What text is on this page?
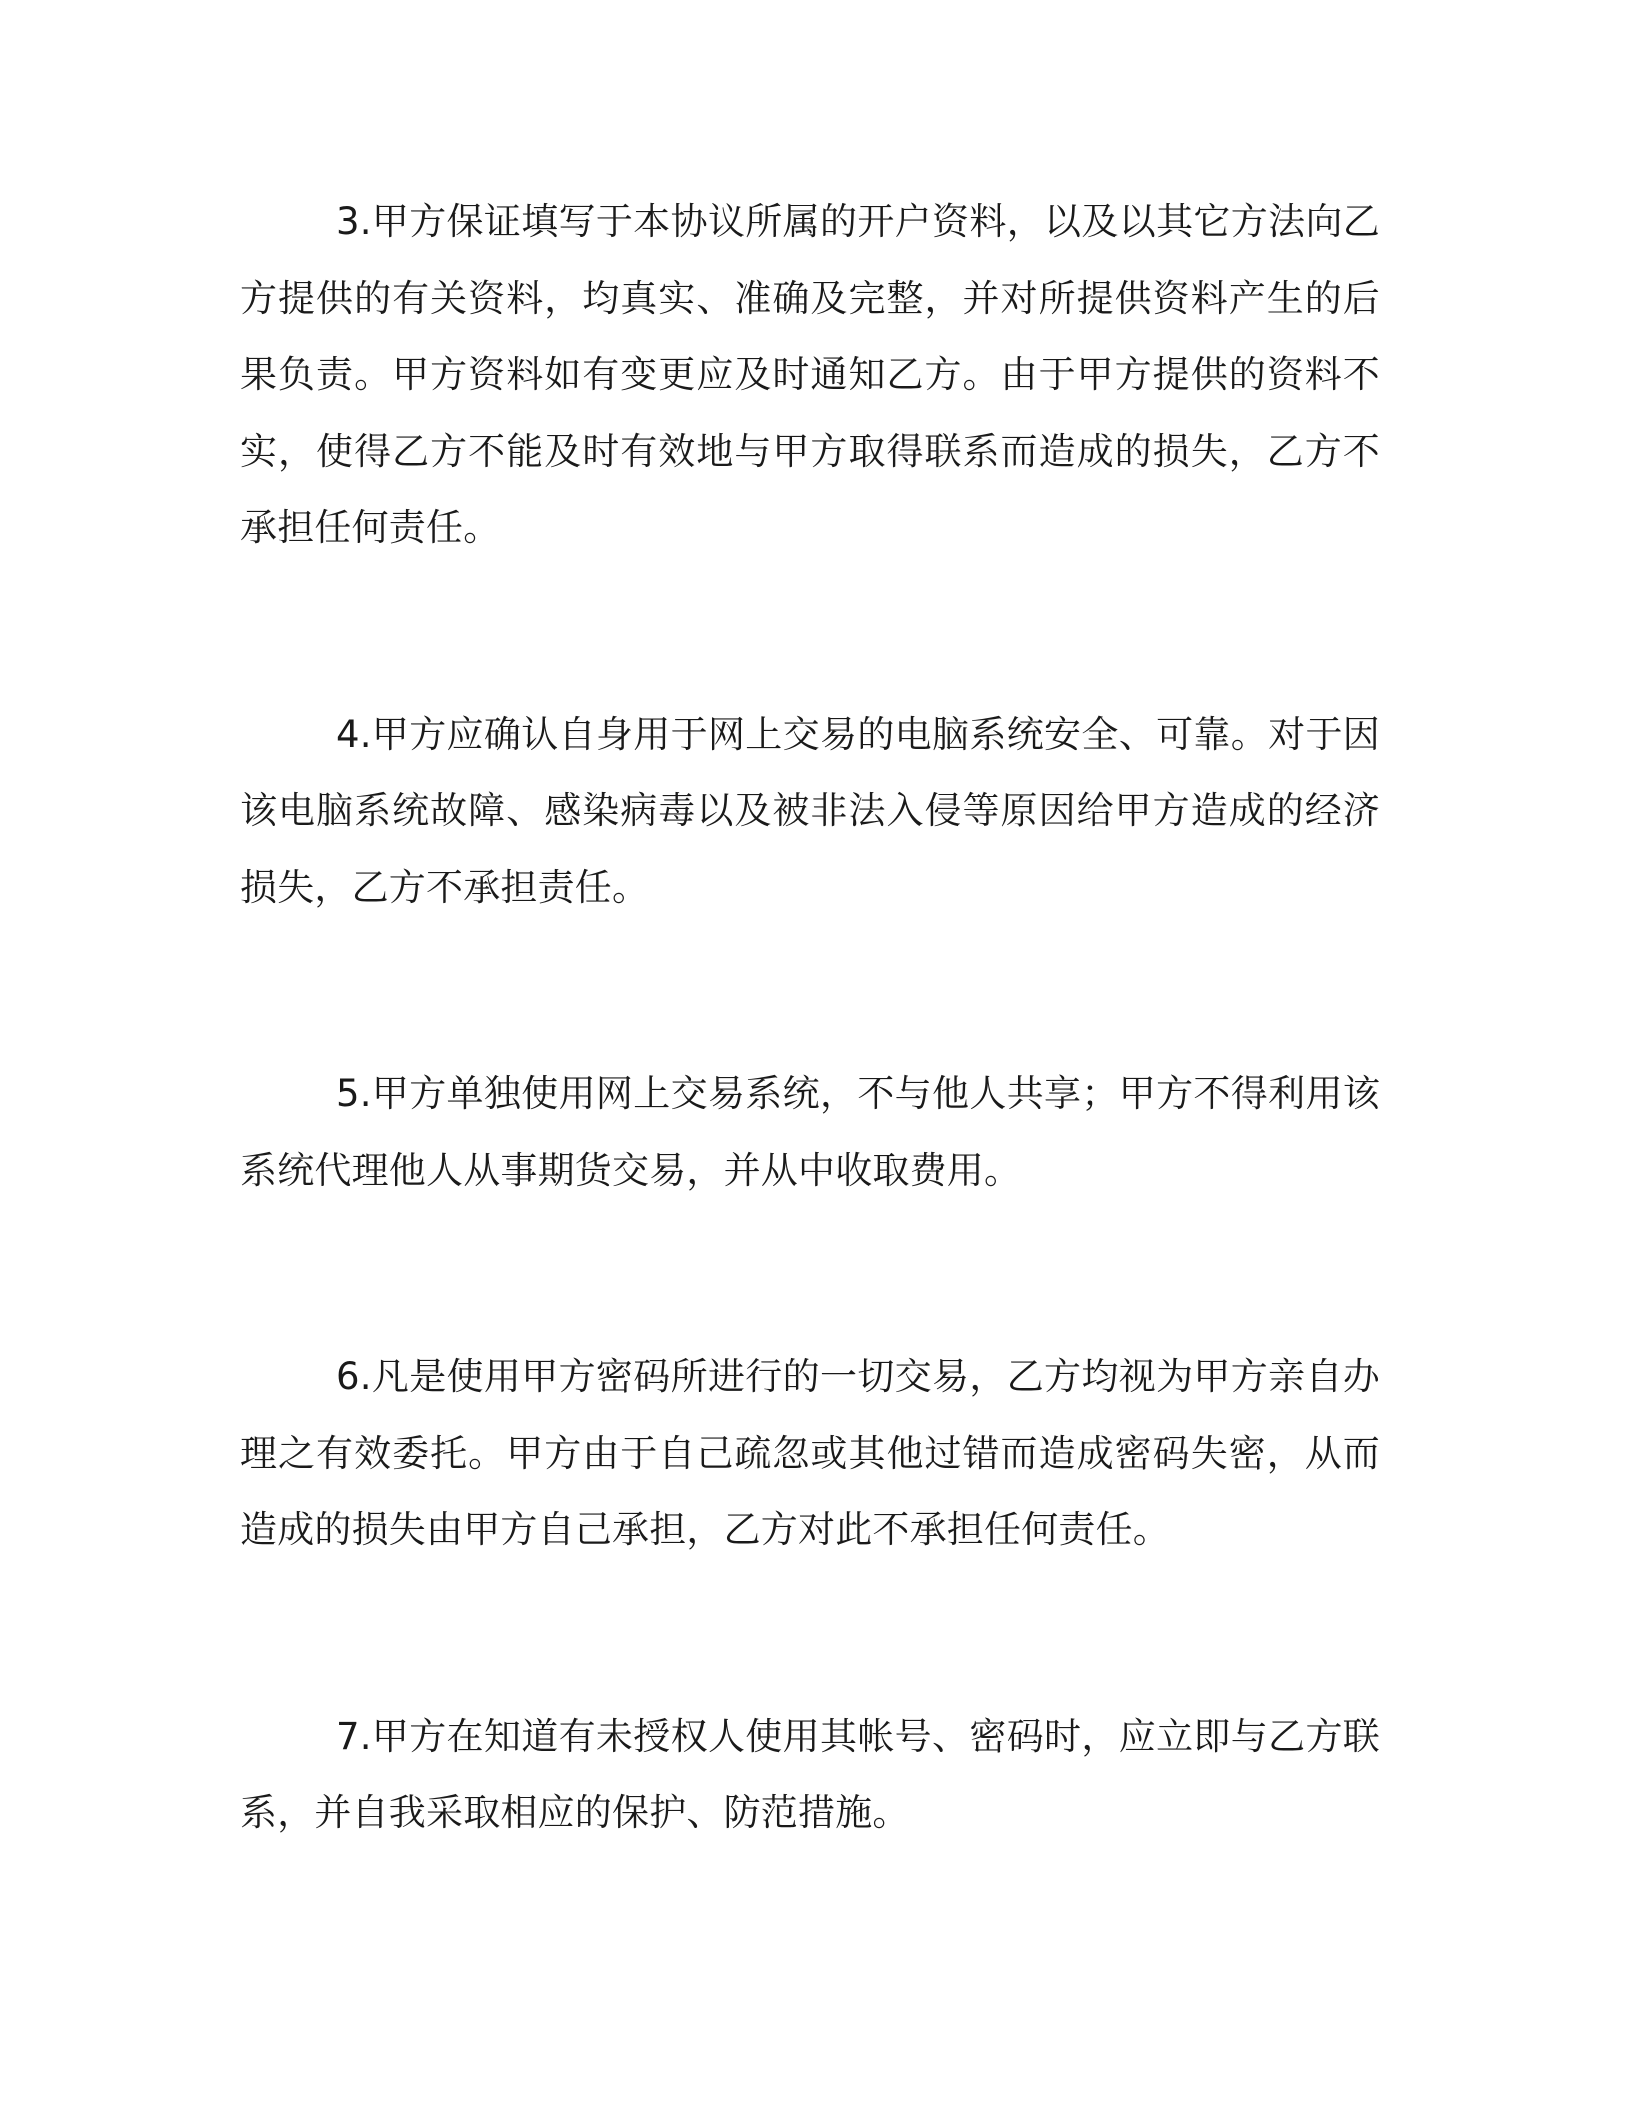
3.甲方保证填写于本协议所属的开户资料，以及以其它方法向乙方提供的有关资料，均真实、准确及完整，并对所提供资料产生的后果负责。甲方资料如有变更应及时通知乙方。由于甲方提供的资料不实，使得乙方不能及时有效地与甲方取得联系而造成的损失，乙方不承担任何责任。

4.甲方应确认自身用于网上交易的电脑系统安全、可靠。对于因该电脑系统故障、感染病毒以及被非法入侵等原因给甲方造成的经济损失，乙方不承担责任。

5.甲方单独使用网上交易系统，不与他人共享；甲方不得利用该系统代理他人从事期货交易，并从中收取费用。

6.凡是使用甲方密码所进行的一切交易，乙方均视为甲方亲自办理之有效委托。甲方由于自己疏忽或其他过错而造成密码失密，从而造成的损失由甲方自己承担，乙方对此不承担任何责任。

7.甲方在知道有未授权人使用其帐号、密码时，应立即与乙方联系，并自我采取相应的保护、防范措施。
